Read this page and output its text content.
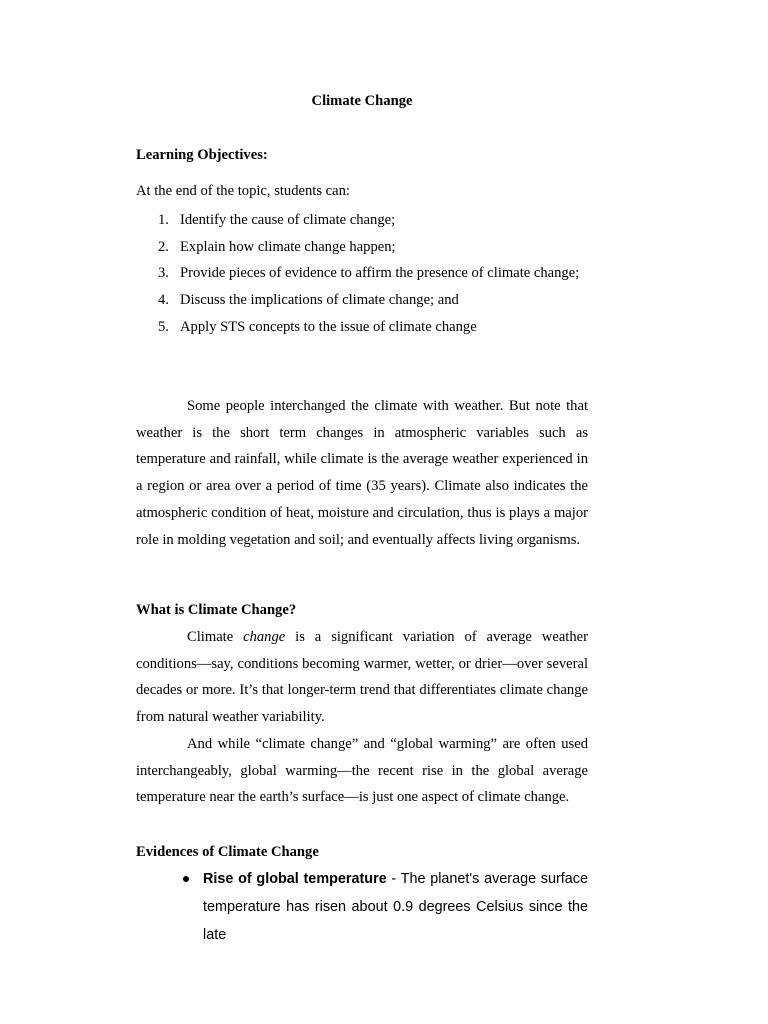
Climate Change
Learning Objectives:
At the end of the topic, students can:
1. Identify the cause of climate change;
2. Explain how climate change happen;
3. Provide pieces of evidence to affirm the presence of climate change;
4. Discuss the implications of climate change; and
5. Apply STS concepts to the issue of climate change

Some people interchanged the climate with weather. But note that weather is the short term changes in atmospheric variables such as temperature and rainfall, while climate is the average weather experienced in a region or area over a period of time (35 years). Climate also indicates the atmospheric condition of heat, moisture and circulation, thus is plays a major role in molding vegetation and soil; and eventually affects living organisms.

What is Climate Change?

Climate change is a significant variation of average weather conditions—say, conditions becoming warmer, wetter, or drier—over several decades or more. It’s that longer-term trend that differentiates climate change from natural weather variability.

And while “climate change” and “global warming” are often used interchangeably, global warming—the recent rise in the global average temperature near the earth’s surface—is just one aspect of climate change.

Evidences of Climate Change
Rise of global temperature - The planet's average surface temperature has risen about 0.9 degrees Celsius since the late
